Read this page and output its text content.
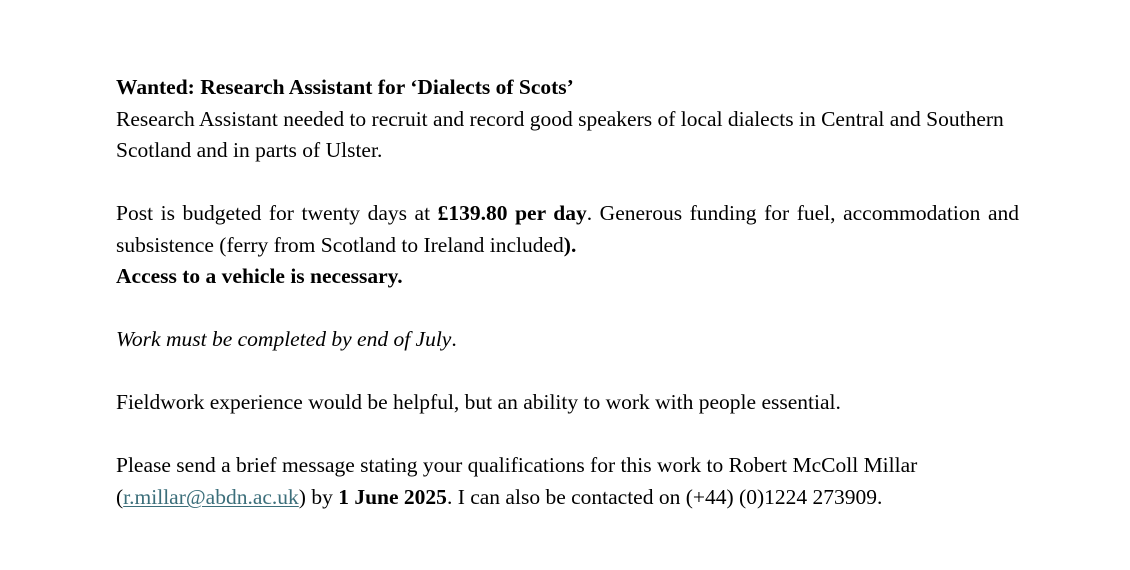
Wanted: Research Assistant for ‘Dialects of Scots’
Research Assistant needed to recruit and record good speakers of local dialects in Central and Southern Scotland and in parts of Ulster.
Post is budgeted for twenty days at £139.80 per day. Generous funding for fuel, accommodation and subsistence (ferry from Scotland to Ireland included).
Access to a vehicle is necessary.
Work must be completed by end of July.
Fieldwork experience would be helpful, but an ability to work with people essential.
Please send a brief message stating your qualifications for this work to Robert McColl Millar (r.millar@abdn.ac.uk) by 1 June 2025. I can also be contacted on (+44) (0)1224 273909.
